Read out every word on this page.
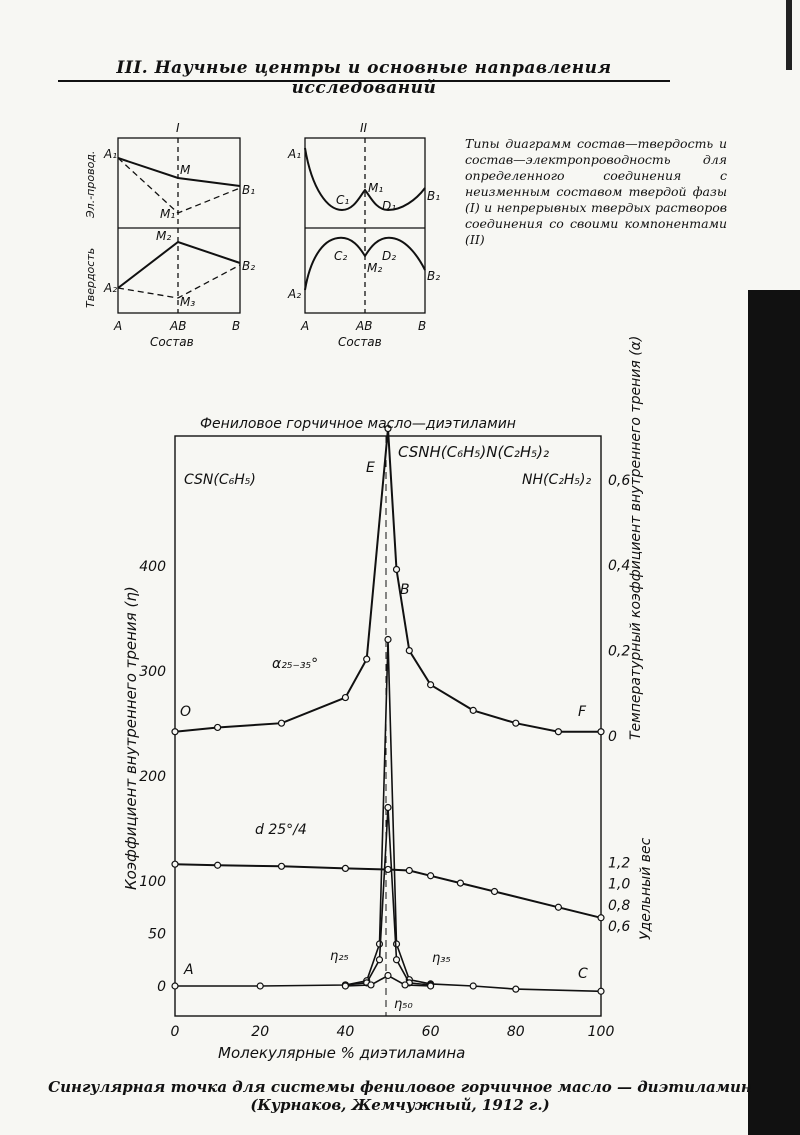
III. Научные центры и основные направления исследований
I	II
A₁
B₁
M
M₁
A₂
B₂
M₂
M₃
A₁
B₁
C₁
M₁
D₁
A₂
B₂
C₂
M₂
D₂
A	AB	B	A	AB	B
Состав	Состав
Эл.-провод.
Твердость
Типы диаграмм состав—твердость и состав—электропроводность для определенного соединения с неизменным составом твердой фазы (I) и непрерывных твердых растворов соединения со своими компонентами (II)
Фениловое горчичное масло—диэтиламин
CSNH(C₆H₅)N(C₂H₅)₂
CSN(C₆H₅)	NH(C₂H₅)₂
E
B
O	F
A	C
α₂₅₋₃₅°
d 25°/4
η₂₅	η₃₅
η₅₀
Молекулярные % диэтиламина
Коэффициент внутреннего трения (η)	Температурный коэффициент внутреннего трения (α)
Удельный вес
0	20	40	60	80	100
0
50
100
200
300
400
0
0,2
0,4
0,6
0,6
0,8
1,0
1,2
Сингулярная точка для системы фениловое горчичное масло — диэтиламин
(Курнаков, Жемчужный, 1912 г.)
